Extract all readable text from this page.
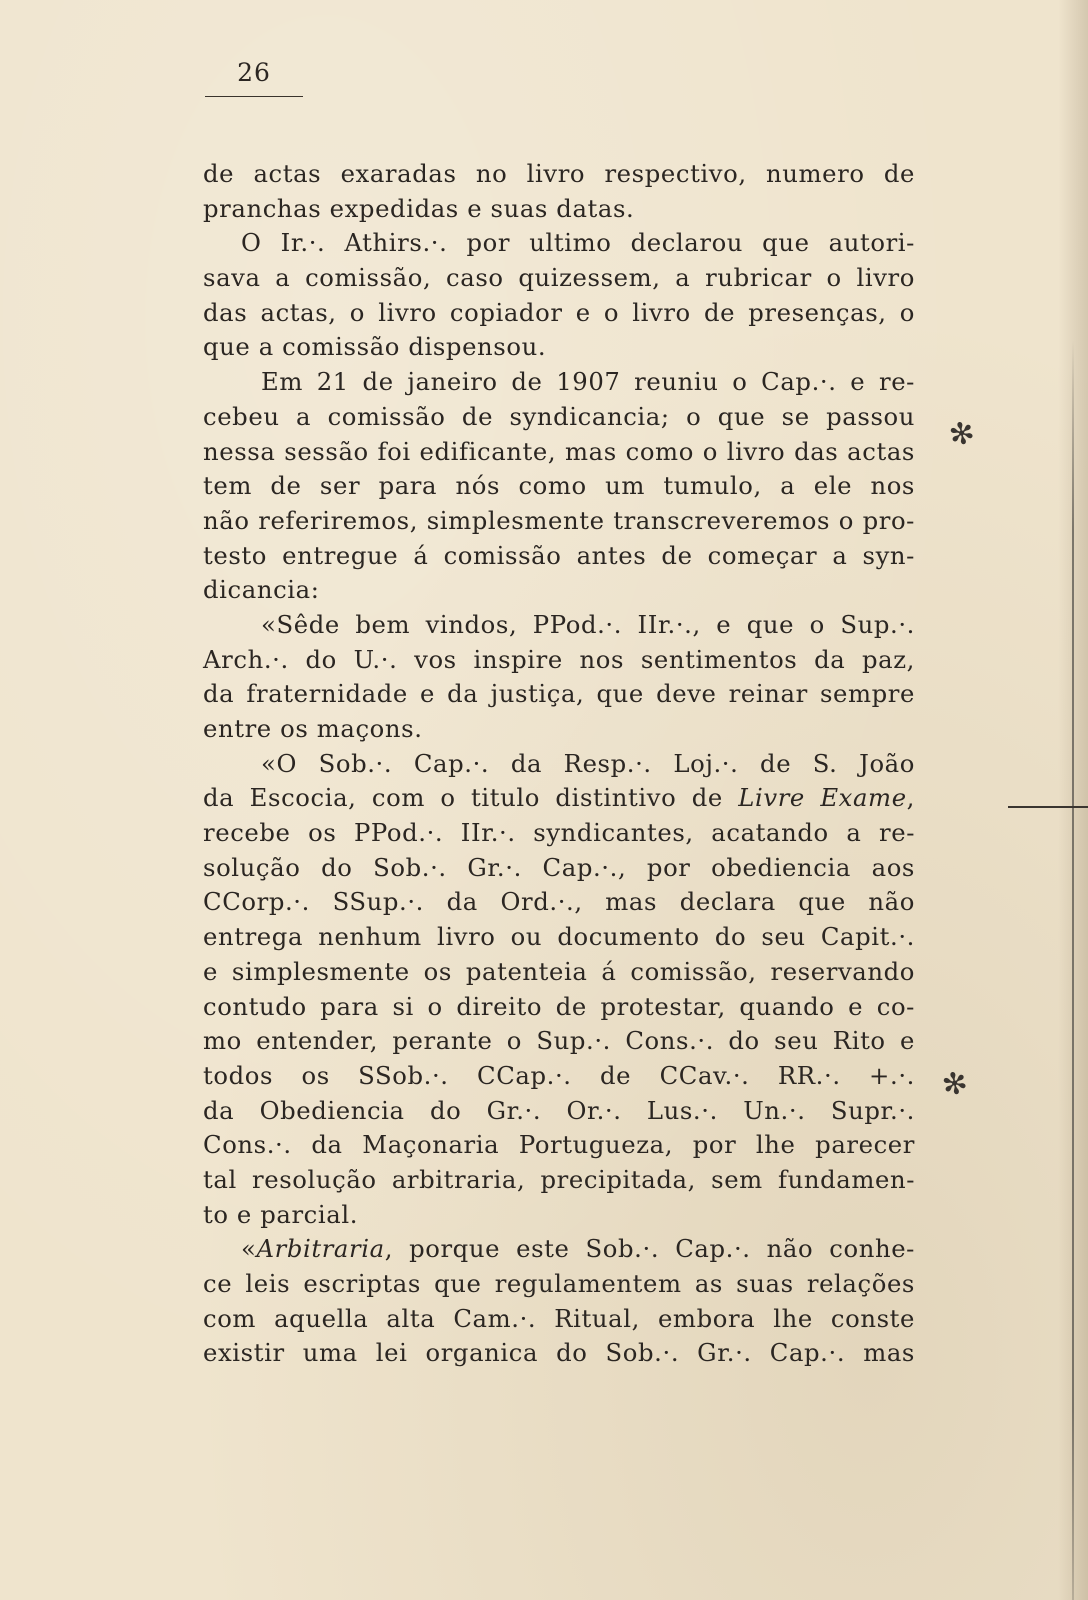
26
de actas exaradas no livro respectivo, numero de
pranchas expedidas e suas datas.
O Ir.·. Athirs.·. por ultimo declarou que autori-
sava a comissão, caso quizessem, a rubricar o livro
das actas, o livro copiador e o livro de presenças, o
que a comissão dispensou.
Em 21 de janeiro de 1907 reuniu o Cap.·. e re-
cebeu a comissão de syndicancia; o que se passou
nessa sessão foi edificante, mas como o livro das actas
tem de ser para nós como um tumulo, a ele nos
não referiremos, simplesmente transcreveremos o pro-
testo entregue á comissão antes de começar a syn-
dicancia:
«Sêde bem vindos, PPod.·. IIr.·., e que o Sup.·.
Arch.·. do U.·. vos inspire nos sentimentos da paz,
da fraternidade e da justiça, que deve reinar sempre
entre os maçons.
«O Sob.·. Cap.·. da Resp.·. Loj.·. de S. João
da Escocia, com o titulo distintivo de Livre Exame,
recebe os PPod.·. IIr.·. syndicantes, acatando a re-
solução do Sob.·. Gr.·. Cap.·., por obediencia aos
CCorp.·. SSup.·. da Ord.·., mas declara que não
entrega nenhum livro ou documento do seu Capit.·.
e simplesmente os patenteia á comissão, reservando
contudo para si o direito de protestar, quando e co-
mo entender, perante o Sup.·. Cons.·. do seu Rito e
todos os SSob.·. CCap.·. de CCav.·. RR.·. +.·.
da Obediencia do Gr.·. Or.·. Lus.·. Un.·. Supr.·.
Cons.·. da Maçonaria Portugueza, por lhe parecer
tal resolução arbitraria, precipitada, sem fundamen-
to e parcial.
«Arbitraria, porque este Sob.·. Cap.·. não conhe-
ce leis escriptas que regulamentem as suas relações
com aquella alta Cam.·. Ritual, embora lhe conste
existir uma lei organica do Sob.·. Gr.·. Cap.·. mas
✻
✻
